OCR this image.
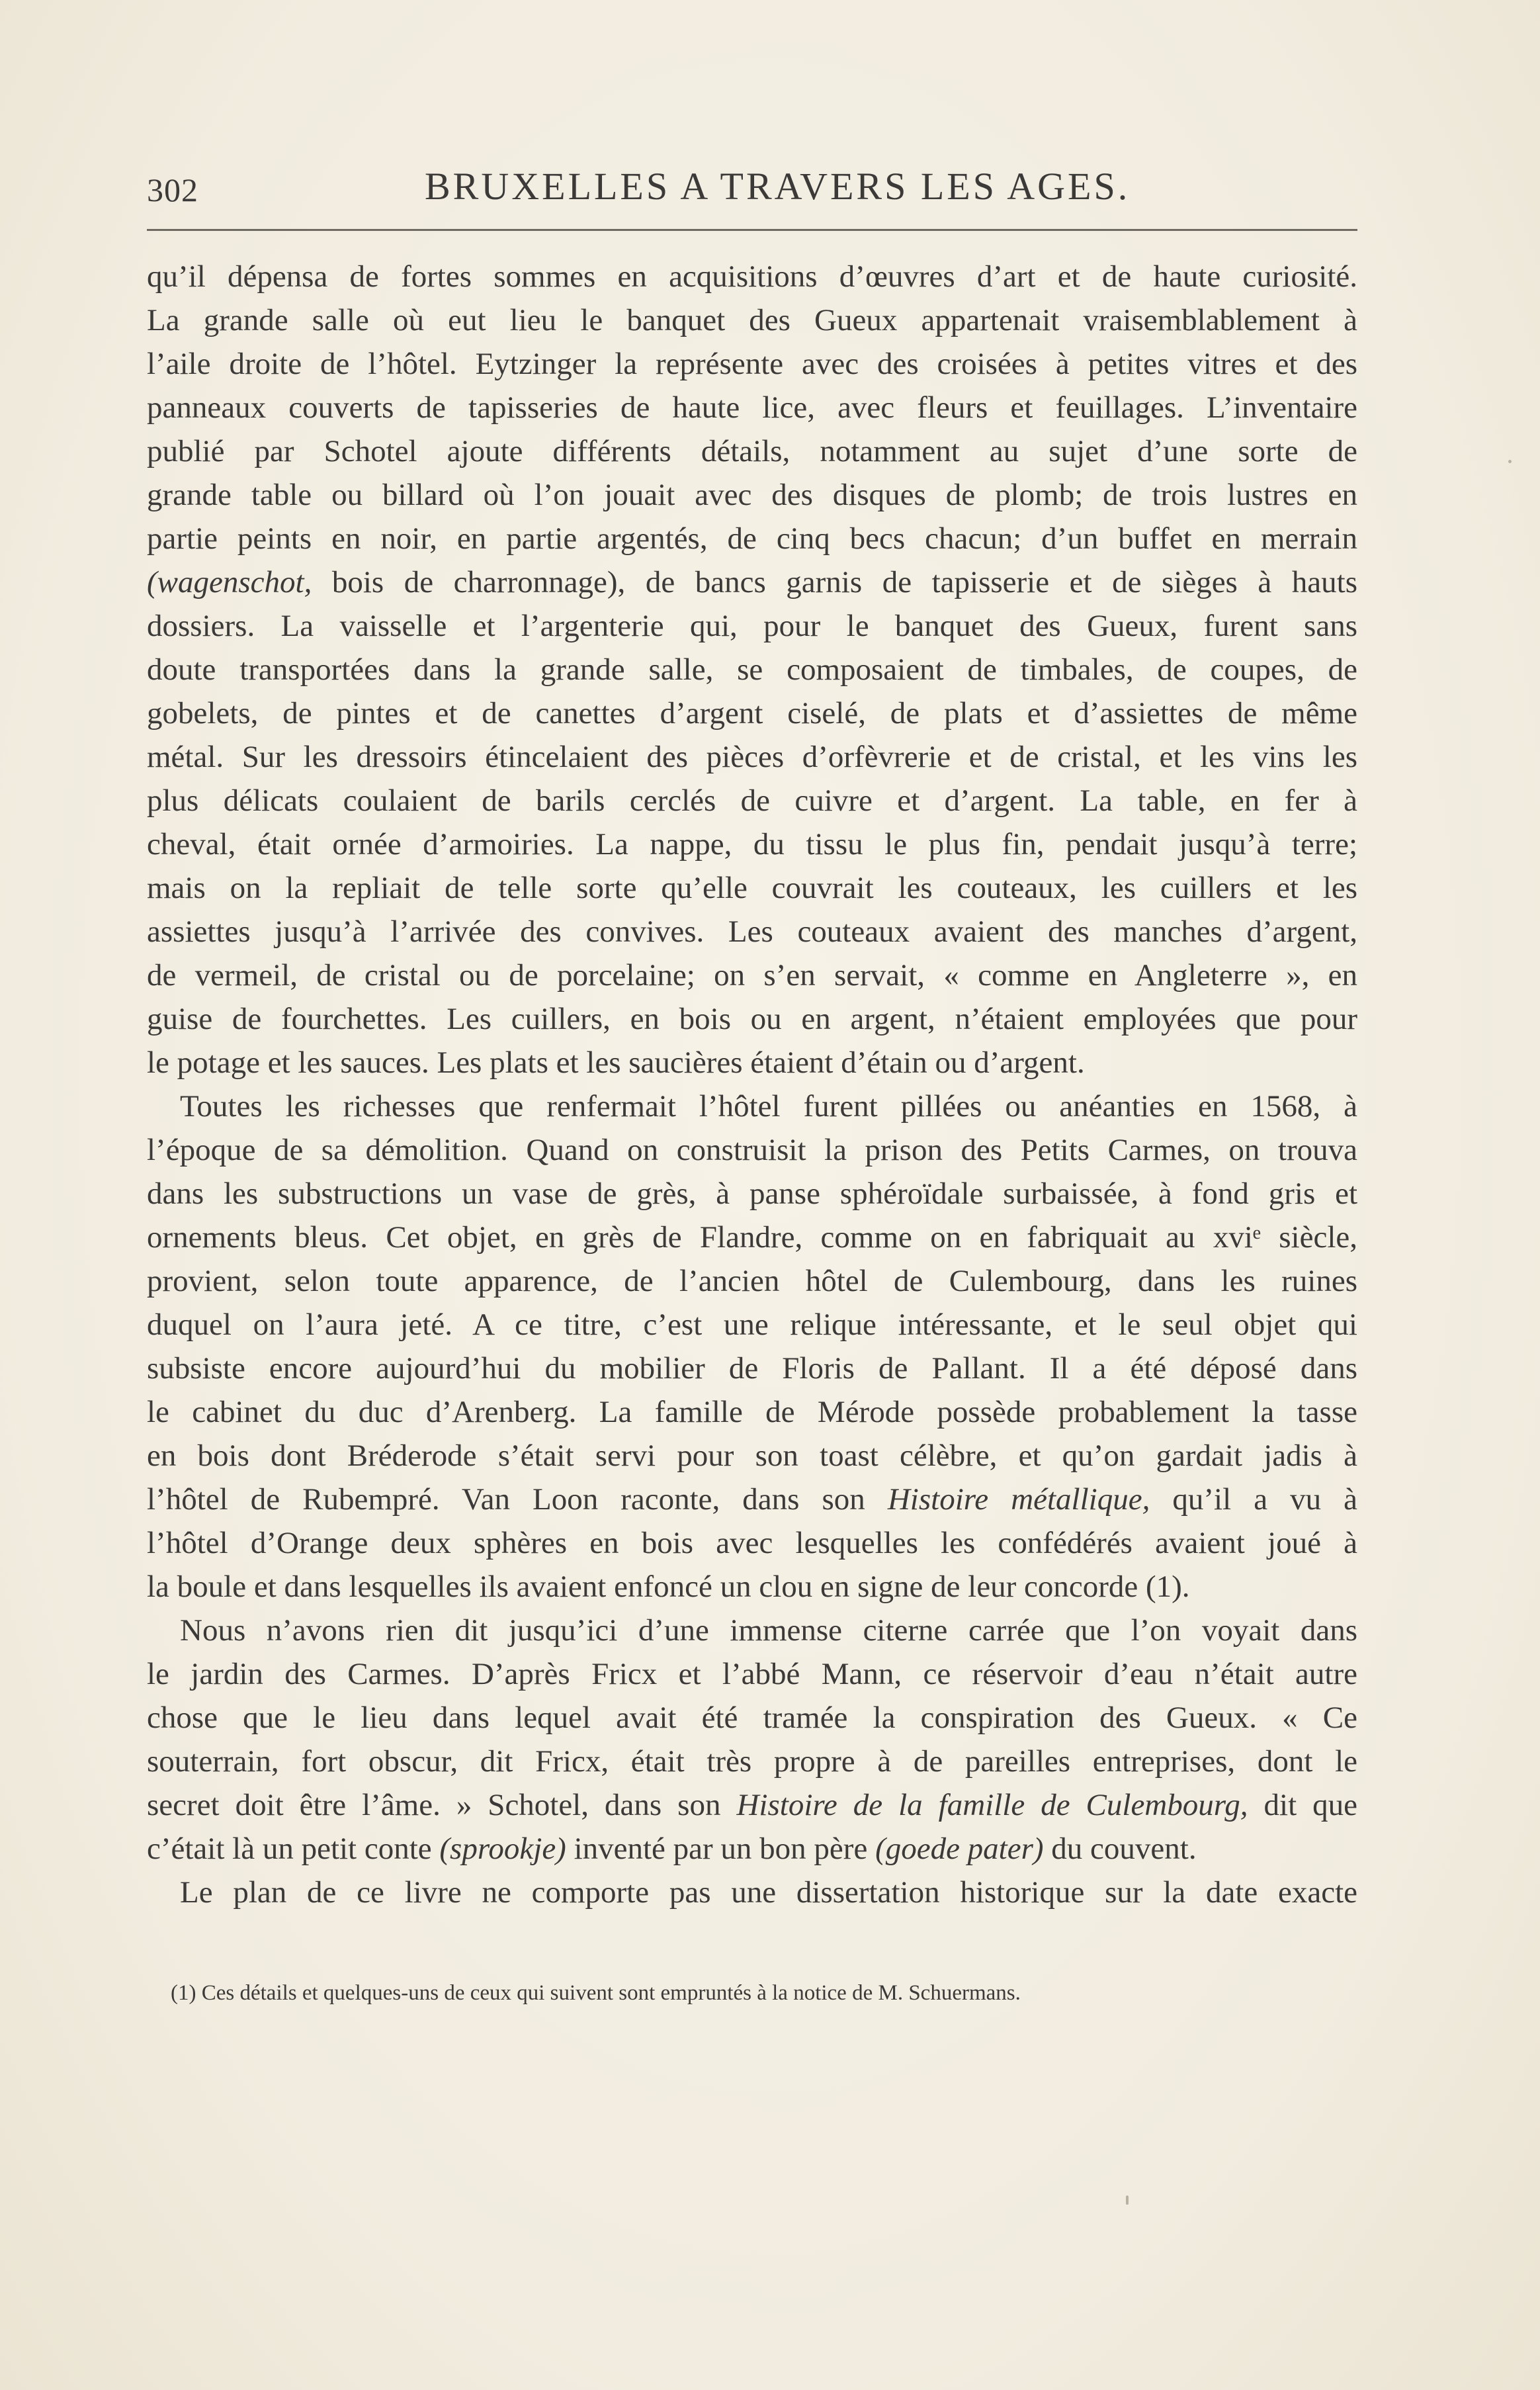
302	BRUXELLES A TRAVERS LES AGES.
qu’il dépensa de fortes sommes en acquisitions d’œuvres d’art et de haute curiosité.
La grande salle où eut lieu le banquet des Gueux appartenait vraisemblablement à
l’aile droite de l’hôtel. Eytzinger la représente avec des croisées à petites vitres et des
panneaux couverts de tapisseries de haute lice, avec fleurs et feuillages. L’inventaire
publié par Schotel ajoute différents détails, notamment au sujet d’une sorte de
grande table ou billard où l’on jouait avec des disques de plomb; de trois lustres en
partie peints en noir, en partie argentés, de cinq becs chacun; d’un buffet en merrain
(wagenschot, bois de charronnage), de bancs garnis de tapisserie et de sièges à hauts
dossiers. La vaisselle et l’argenterie qui, pour le banquet des Gueux, furent sans
doute transportées dans la grande salle, se composaient de timbales, de coupes, de
gobelets, de pintes et de canettes d’argent ciselé, de plats et d’assiettes de même
métal. Sur les dressoirs étincelaient des pièces d’orfèvrerie et de cristal, et les vins les
plus délicats coulaient de barils cerclés de cuivre et d’argent. La table, en fer à
cheval, était ornée d’armoiries. La nappe, du tissu le plus fin, pendait jusqu’à terre;
mais on la repliait de telle sorte qu’elle couvrait les couteaux, les cuillers et les
assiettes jusqu’à l’arrivée des convives. Les couteaux avaient des manches d’argent,
de vermeil, de cristal ou de porcelaine; on s’en servait, « comme en Angleterre », en
guise de fourchettes. Les cuillers, en bois ou en argent, n’étaient employées que pour
le potage et les sauces. Les plats et les saucières étaient d’étain ou d’argent.
Toutes les richesses que renfermait l’hôtel furent pillées ou anéanties en 1568, à
l’époque de sa démolition. Quand on construisit la prison des Petits Carmes, on trouva
dans les substructions un vase de grès, à panse sphéroïdale surbaissée, à fond gris et
ornements bleus. Cet objet, en grès de Flandre, comme on en fabriquait au xviᵉ siècle,
provient, selon toute apparence, de l’ancien hôtel de Culembourg, dans les ruines
duquel on l’aura jeté. A ce titre, c’est une relique intéressante, et le seul objet qui
subsiste encore aujourd’hui du mobilier de Floris de Pallant. Il a été déposé dans
le cabinet du duc d’Arenberg. La famille de Mérode possède probablement la tasse
en bois dont Bréderode s’était servi pour son toast célèbre, et qu’on gardait jadis à
l’hôtel de Rubempré. Van Loon raconte, dans son Histoire métallique, qu’il a vu à
l’hôtel d’Orange deux sphères en bois avec lesquelles les confédérés avaient joué à
la boule et dans lesquelles ils avaient enfoncé un clou en signe de leur concorde (1).
Nous n’avons rien dit jusqu’ici d’une immense citerne carrée que l’on voyait dans
le jardin des Carmes. D’après Fricx et l’abbé Mann, ce réservoir d’eau n’était autre
chose que le lieu dans lequel avait été tramée la conspiration des Gueux. « Ce
souterrain, fort obscur, dit Fricx, était très propre à de pareilles entreprises, dont le
secret doit être l’âme. » Schotel, dans son Histoire de la famille de Culembourg, dit que
c’était là un petit conte (sprookje) inventé par un bon père (goede pater) du couvent.
Le plan de ce livre ne comporte pas une dissertation historique sur la date exacte
(1) Ces détails et quelques-uns de ceux qui suivent sont empruntés à la notice de M. Schuermans.
